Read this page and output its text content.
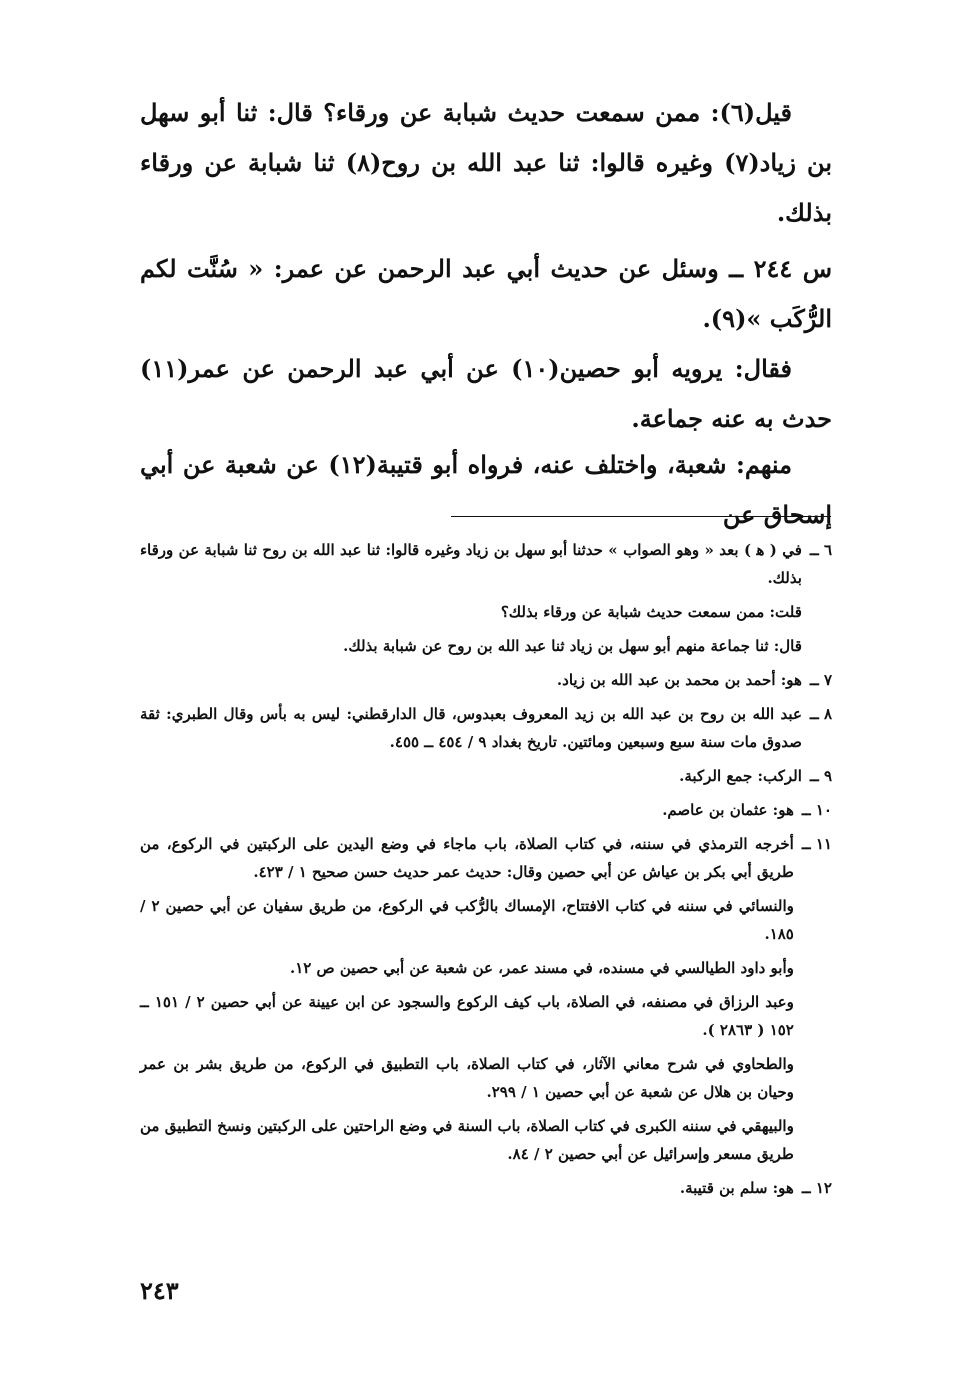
قيل(٦): ممن سمعت حديث شبابة عن ورقاء؟ قال: ثنا أبو سهل بن زياد(٧) وغيره قالوا: ثنا عبد الله بن روح(٨) ثنا شبابة عن ورقاء بذلك.

س ٢٤٤ ــ وسئل عن حديث أبي عبد الرحمن عن عمر: « سُنَّت لكم الرُّكَب »(٩).

فقال: يرويه أبو حصين(١٠) عن أبي عبد الرحمن عن عمر(١١) حدث به عنه جماعة.

منهم: شعبة، واختلف عنه، فرواه أبو قتيبة(١٢) عن شعبة عن أبي إسحاق عن

٦ ــ

في ( ﻫ ) بعد « وهو الصواب » حدثنا أبو سهل بن زياد وغيره قالوا: ثنا عبد الله بن روح ثنا شبابة عن ورقاء بذلك.

قلت: ممن سمعت حديث شبابة عن ورقاء بذلك؟

قال: ثنا جماعة منهم أبو سهل بن زياد ثنا عبد الله بن روح عن شبابة بذلك.

٧ ــ

هو: أحمد بن محمد بن عبد الله بن زياد.

٨ ــ

عبد الله بن روح بن عبد الله بن زيد المعروف بعبدوس، قال الدارقطني: ليس به بأس وقال الطبري: ثقة صدوق مات سنة سبع وسبعين ومائتين. تاريخ بغداد ٩ / ٤٥٤ ــ ٤٥٥.

٩ ــ

الركب: جمع الركبة.

١٠ ــ

هو: عثمان بن عاصم.

١١ ــ

أخرجه الترمذي في سننه، في كتاب الصلاة، باب ماجاء في وضع اليدين على الركبتين في الركوع، من طريق أبي بكر بن عياش عن أبي حصين وقال: حديث عمر حديث حسن صحيح ١ / ٤٢٣.

والنسائي في سننه في كتاب الافتتاح، الإمساك بالرُّكب في الركوع، من طريق سفيان عن أبي حصين ٢ / ١٨٥.

وأبو داود الطيالسي في مسنده، في مسند عمر، عن شعبة عن أبي حصين ص ١٢.

وعبد الرزاق في مصنفه، في الصلاة، باب كيف الركوع والسجود عن ابن عيينة عن أبي حصين ٢ / ١٥١ ــ ١٥٢ ( ٢٨٦٣ ).

والطحاوي في شرح معاني الآثار، في كتاب الصلاة، باب التطبيق في الركوع، من طريق بشر بن عمر وحيان بن هلال عن شعبة عن أبي حصين ١ / ٢٩٩.

والبيهقي في سننه الكبرى في كتاب الصلاة، باب السنة في وضع الراحتين على الركبتين ونسخ التطبيق من طريق مسعر وإسرائيل عن أبي حصين ٢ / ٨٤.

١٢ ــ

هو: سلم بن قتيبة.

٢٤٣
